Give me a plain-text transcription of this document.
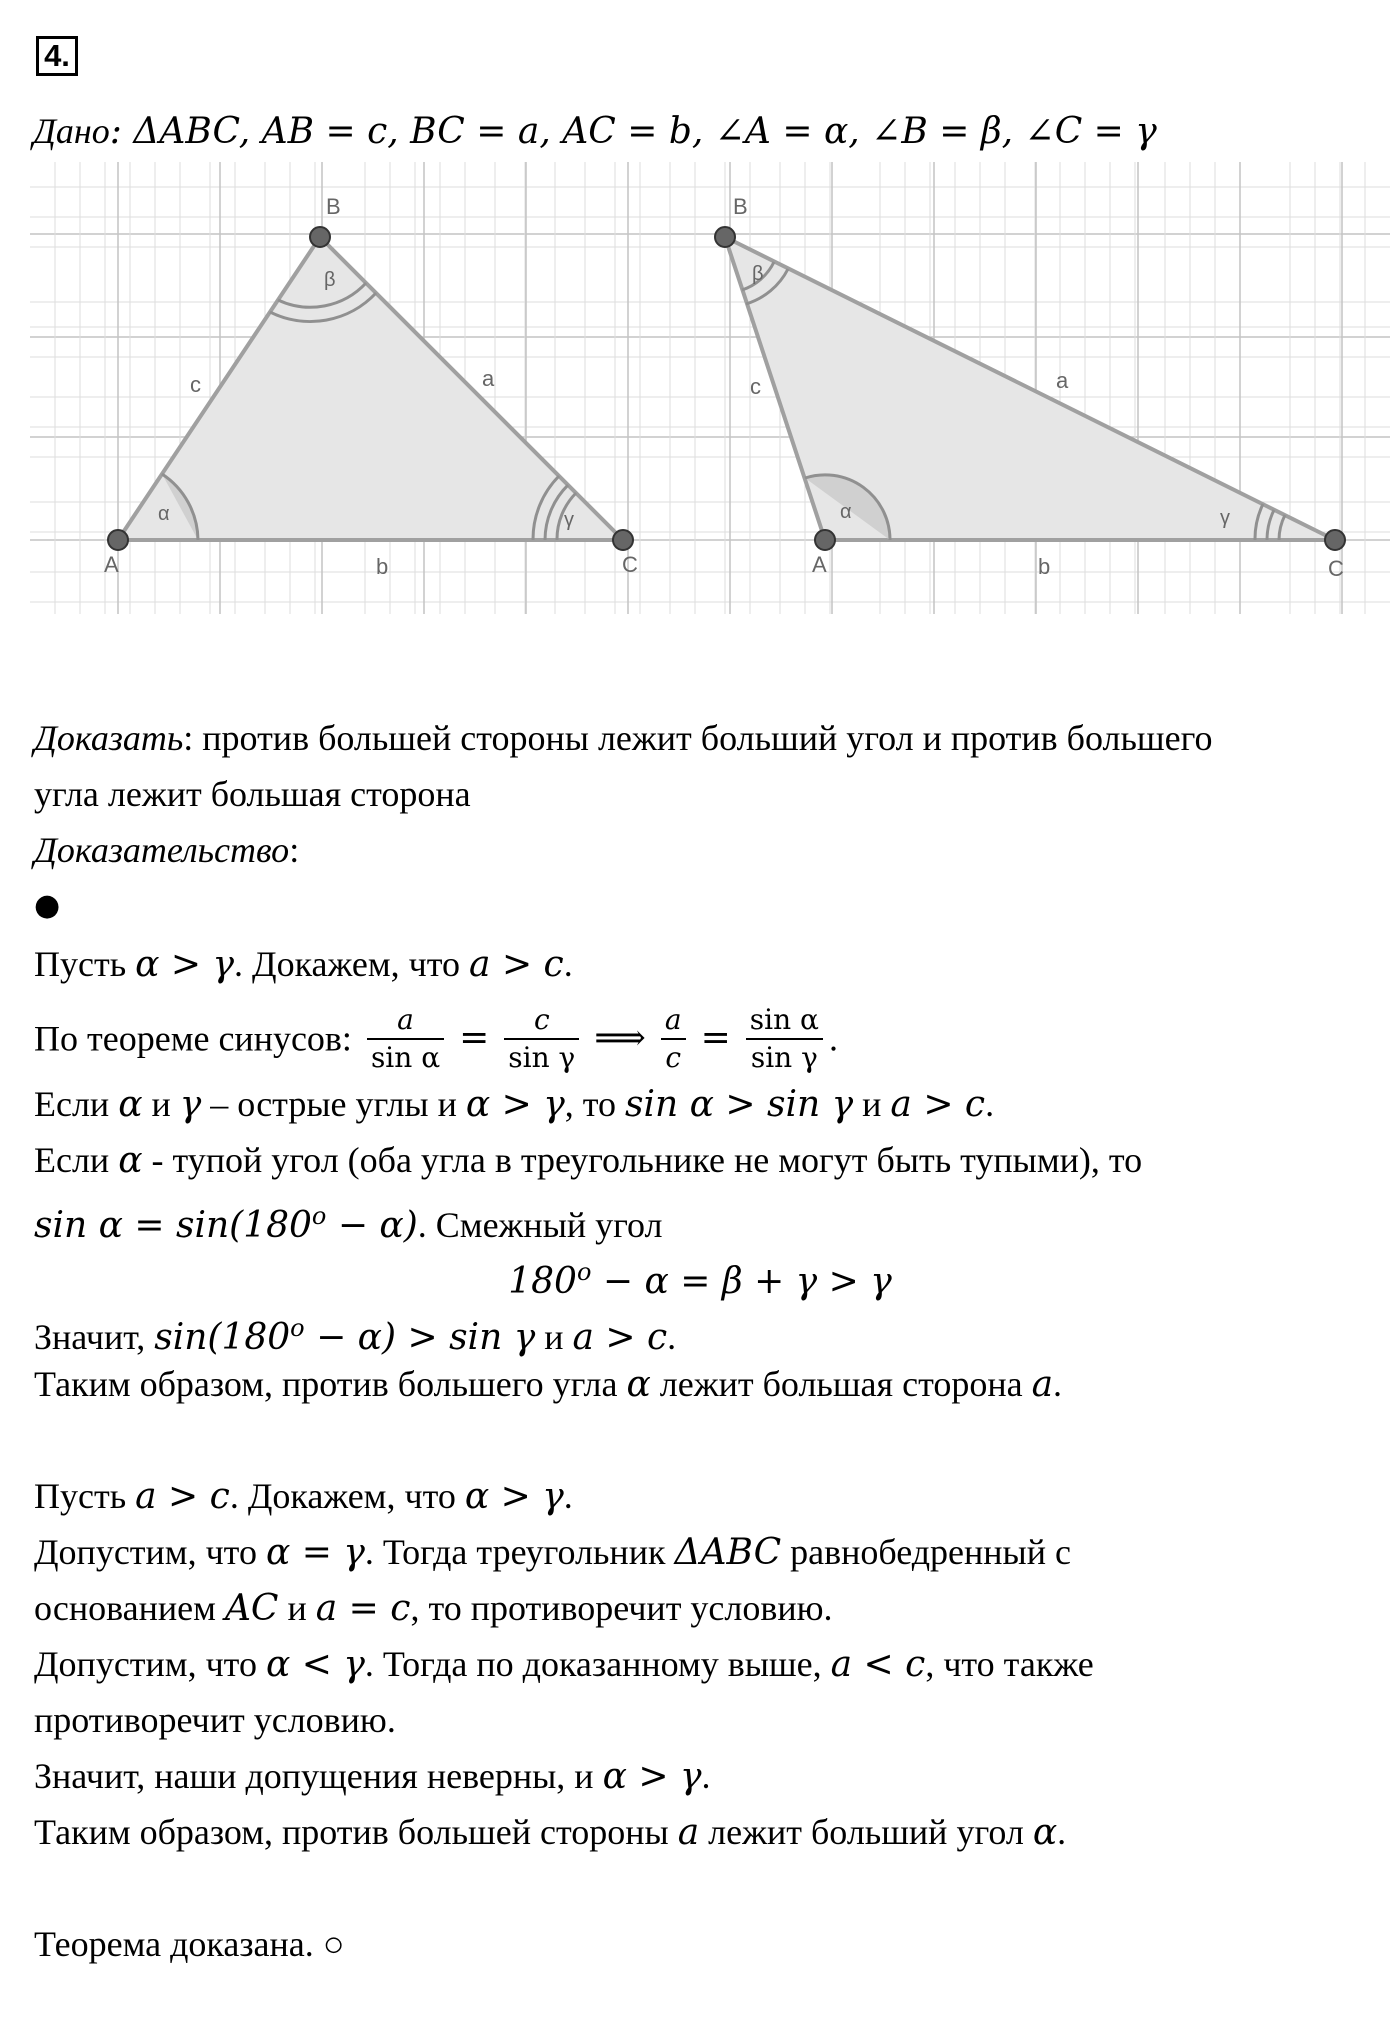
4.
Дано: ΔABC, AB = c, BC = a, AC = b, ∠A = α, ∠B = β, ∠C = γ
A
B
C
a
b
c
α
β
γ
A
B
C
a
b
c
α
β
γ
Доказать: против большей стороны лежит больший угол и против большего
угла лежит большая сторона
Доказательство:
●
Пусть α > γ. Докажем, что a > c.
По теореме синусов: $\frac{a}{\text{sin α}} = \frac{c}{\text{sin γ}}$ ⟹ $\frac{a}{c} = \frac{\text{sin α}}{\text{sin γ}}$ .
Если α и γ – острые углы и α > γ, то sin α > sin γ и a > c.
Если α - тупой угол (оба угла в треугольнике не могут быть тупыми), то
$\sin \alpha = \sin(180^o - \alpha)$. Смежный угол
$180^o - \alpha = \beta + \gamma > \gamma$
Значит, $\sin(180^o - \alpha) > \sin \gamma$ и a > c.
Таким образом, против большего угла α лежит большая сторона a.
Пусть a > c. Докажем, что α > γ.
Допустим, что α = γ. Тогда треугольник ΔABC равнобедренный с
основанием AC и a = c, то противоречит условию.
Допустим, что α < γ. Тогда по доказанному выше, a < c, что также
противоречит условию.
Значит, наши допущения неверны, и α > γ.
Таким образом, против большей стороны a лежит больший угол α.
Теорема доказана. ○
